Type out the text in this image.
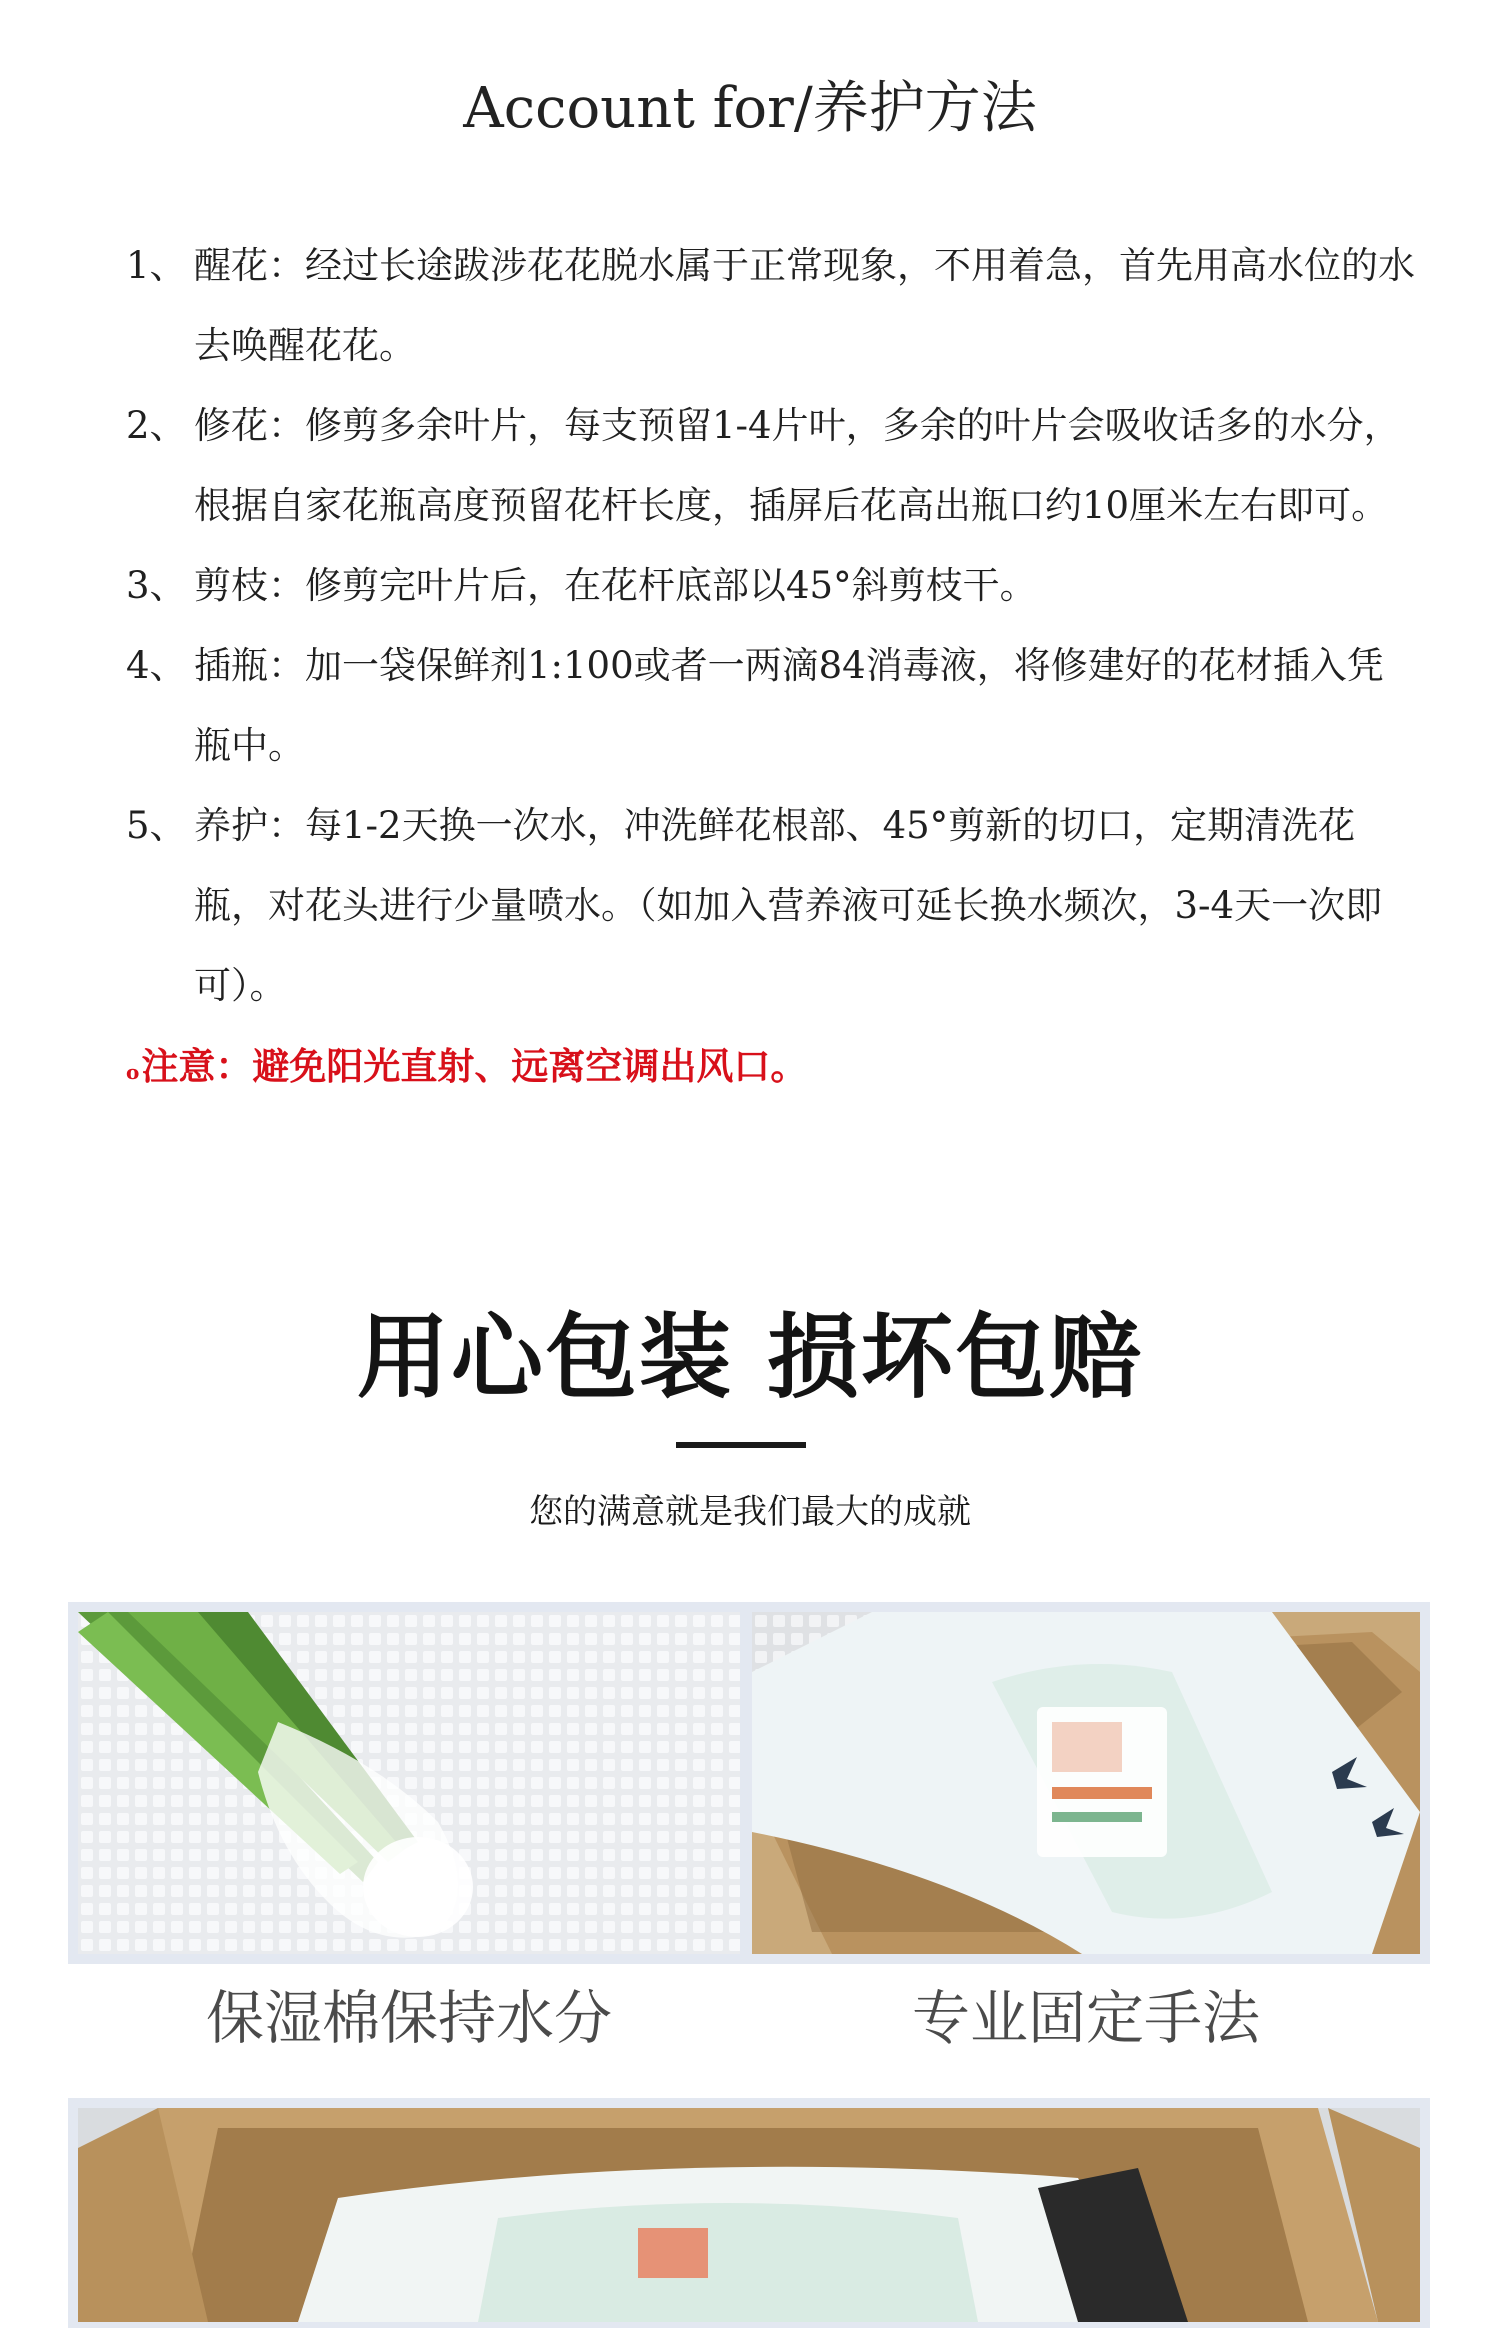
Account for/养护方法
1、 醒花：经过长途跋涉花花脱水属于正常现象，不用着急，首先用高水位的水去唤醒花花。
2、 修花：修剪多余叶片，每支预留1-4片叶，多余的叶片会吸收话多的水分，根据自家花瓶高度预留花杆长度，插屏后花高出瓶口约10厘米左右即可。
3、 剪枝：修剪完叶片后，在花杆底部以45°斜剪枝干。
4、 插瓶：加一袋保鲜剂1:100或者一两滴84消毒液，将修建好的花材插入凭瓶中。
5、 养护：每1-2天换一次水，冲洗鲜花根部、45°剪新的切口，定期清洗花瓶，对花头进行少量喷水。（如加入营养液可延长换水频次，3-4天一次即可）。
o 注意：避免阳光直射、远离空调出风口。
用心包装 损坏包赔
您的满意就是我们最大的成就
保湿棉保持水分	专业固定手法
